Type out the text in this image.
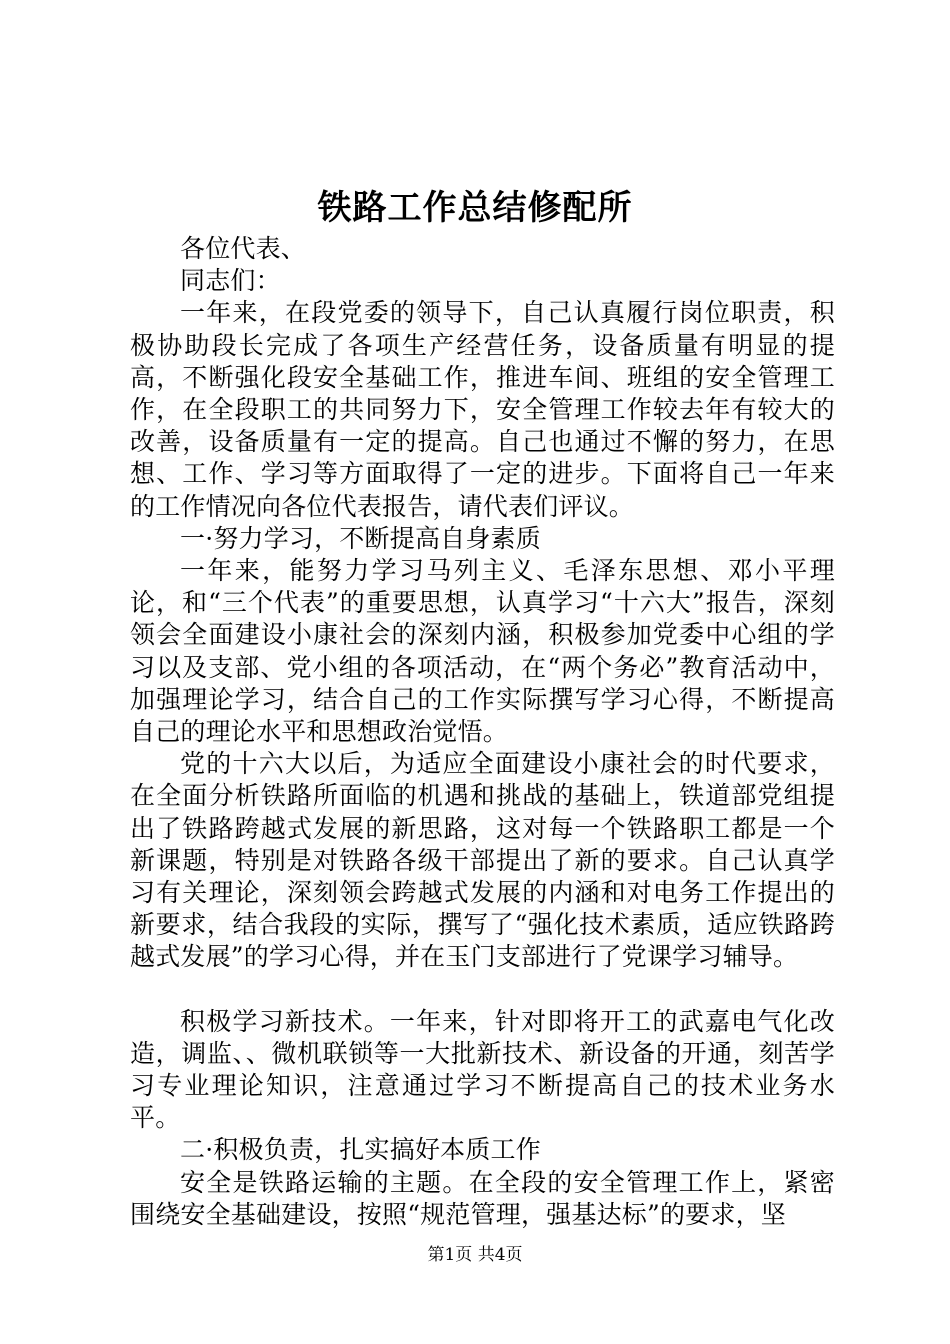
铁路工作总结修配所

各位代表、

同志们：

一年来，在段党委的领导下，自己认真履行岗位职责，积极协助段长完成了各项生产经营任务，设备质量有明显的提高，不断强化段安全基础工作，推进车间、班组的安全管理工作，在全段职工的共同努力下，安全管理工作较去年有较大的改善，设备质量有一定的提高。自己也通过不懈的努力，在思想、工作、学习等方面取得了一定的进步。下面将自己一年来的工作情况向各位代表报告，请代表们评议。

一·努力学习，不断提高自身素质

一年来，能努力学习马列主义、毛泽东思想、邓小平理论，和“三个代表”的重要思想，认真学习“十六大”报告，深刻领会全面建设小康社会的深刻内涵，积极参加党委中心组的学习以及支部、党小组的各项活动，在“两个务必”教育活动中，加强理论学习，结合自己的工作实际撰写学习心得，不断提高自己的理论水平和思想政治觉悟。

党的十六大以后，为适应全面建设小康社会的时代要求，在全面分析铁路所面临的机遇和挑战的基础上，铁道部党组提出了铁路跨越式发展的新思路，这对每一个铁路职工都是一个新课题，特别是对铁路各级干部提出了新的要求。自己认真学习有关理论，深刻领会跨越式发展的内涵和对电务工作提出的新要求，结合我段的实际，撰写了“强化技术素质，适应铁路跨越式发展”的学习心得，并在玉门支部进行了党课学习辅导。

积极学习新技术。一年来，针对即将开工的武嘉电气化改造，调监、、微机联锁等一大批新技术、新设备的开通，刻苦学习专业理论知识，注意通过学习不断提高自己的技术业务水平。

二·积极负责，扎实搞好本质工作

安全是铁路运输的主题。在全段的安全管理工作上，紧密围绕安全基础建设，按照“规范管理，强基达标”的要求，坚

第1页 共4页
